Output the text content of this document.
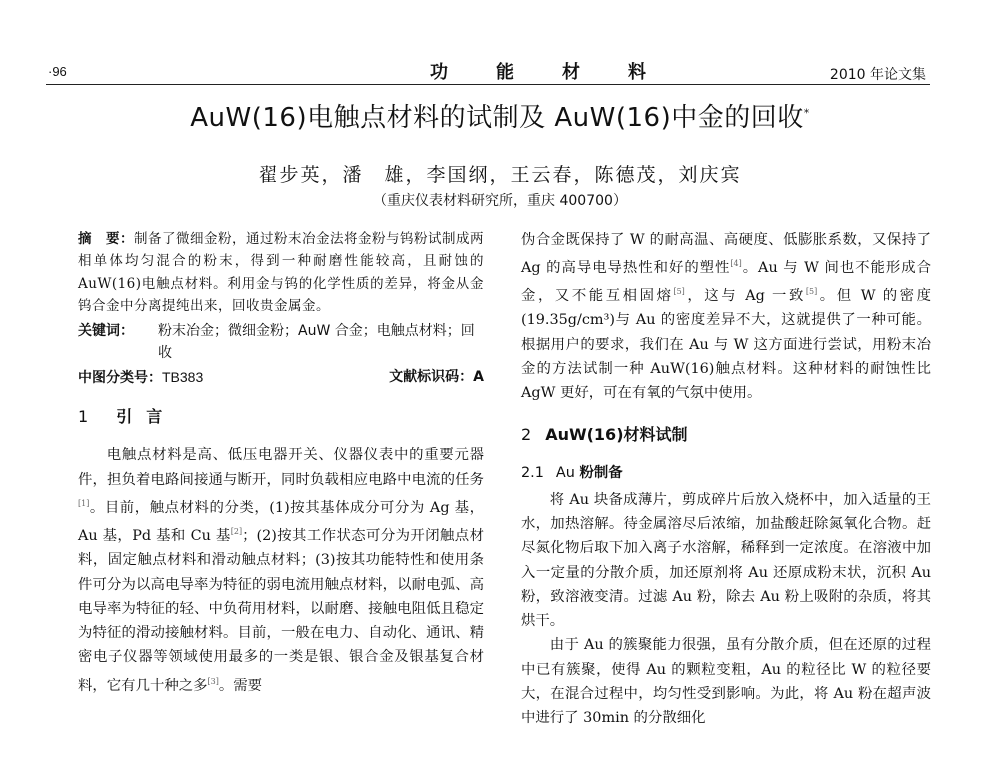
·96	功能材料	2010 年论文集
AuW(16)电触点材料的试制及 AuW(16)中金的回收*
翟步英，潘　雄，李国纲，王云春，陈德茂，刘庆宾
（重庆仪表材料研究所，重庆 400700）

摘　要：制备了微细金粉，通过粉末冶金法将金粉与钨粉试制成两相单体均匀混合的粉末，得到一种耐磨性能较高，且耐蚀的 AuW(16)电触点材料。利用金与钨的化学性质的差异，将金从金钨合金中分离提纯出来，回收贵金属金。

关键词：	粉末冶金；微细金粉；AuW 合金；电触点材料；回收
中图分类号：TB383	文献标识码：A
1 引言

电触点材料是高、低压电器开关、仪器仪表中的重要元器件，担负着电路间接通与断开，同时负载相应电路中电流的任务[1]。目前，触点材料的分类，(1)按其基体成分可分为 Ag 基，Au 基，Pd 基和 Cu 基[2]；(2)按其工作状态可分为开闭触点材料，固定触点材料和滑动触点材料；(3)按其功能特性和使用条件可分为以高电导率为特征的弱电流用触点材料，以耐电弧、高电导率为特征的轻、中负荷用材料，以耐磨、接触电阻低且稳定为特征的滑动接触材料。目前，一般在电力、自动化、通讯、精密电子仪器等领域使用最多的一类是银、银合金及银基复合材料，它有几十种之多[3]。需要

伪合金既保持了 W 的耐高温、高硬度、低膨胀系数，又保持了 Ag 的高导电导热性和好的塑性[4]。Au 与 W 间也不能形成合金，又不能互相固熔[5]，这与 Ag 一致[5]。但 W 的密度(19.35g/cm³)与 Au 的密度差异不大，这就提供了一种可能。根据用户的要求，我们在 Au 与 W 这方面进行尝试，用粉末冶金的方法试制一种 AuW(16)触点材料。这种材料的耐蚀性比 AgW 更好，可在有氧的气氛中使用。

2 AuW(16)材料试制
2.1 Au 粉制备

将 Au 块备成薄片，剪成碎片后放入烧杯中，加入适量的王水，加热溶解。待金属溶尽后浓缩，加盐酸赶除氮氧化合物。赶尽氮化物后取下加入离子水溶解，稀释到一定浓度。在溶液中加入一定量的分散介质，加还原剂将 Au 还原成粉末状，沉积 Au 粉，致溶液变清。过滤 Au 粉，除去 Au 粉上吸附的杂质，将其烘干。

由于 Au 的簇聚能力很强，虽有分散介质，但在还原的过程中已有簇聚，使得 Au 的颗粒变粗，Au 的粒径比 W 的粒径要大，在混合过程中，均匀性受到影响。为此，将 Au 粉在超声波中进行了 30min 的分散细化
